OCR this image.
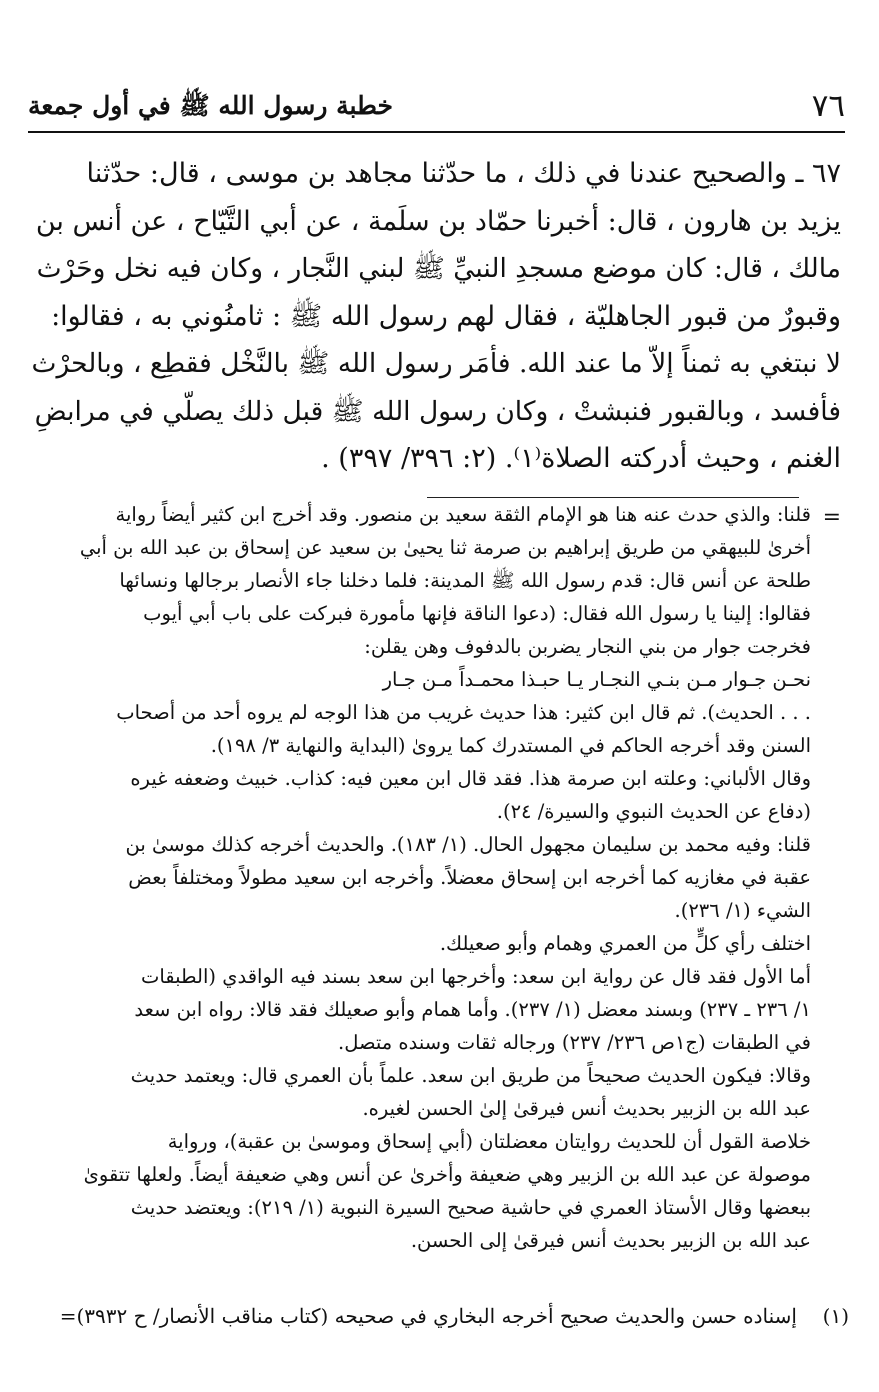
٧٦
خطبة رسول الله ﷺ في أول جمعة
٦٧ ـ والصحيح عندنا في ذلك ، ما حدّثنا مجاهد بن موسى ، قال: حدّثنا
يزيد بن هارون ، قال: أخبرنا حمّاد بن سلَمة ، عن أبي التَّيّاح ، عن أنس بن
مالك ، قال: كان موضع مسجدِ النبيِّ ﷺ لبني النَّجار ، وكان فيه نخل وحَرْث
وقبورٌ من قبور الجاهليّة ، فقال لهم رسول الله ﷺ : ثامنُوني به ، فقالوا:
لا نبتغي به ثمناً إلاّ ما عند الله. فأمَر رسول الله ﷺ بالنَّخْل فقطِع ، وبالحرْث
فأفسد ، وبالقبور فنبشتْ ، وكان رسول الله ﷺ قبل ذلك يصلّي في مرابضِ
الغنم ، وحيث أدركته الصلاة⁽١⁾. (٢: ٣٩٦/ ٣٩٧) .
=
قلنا: والذي حدث عنه هنا هو الإمام الثقة سعيد بن منصور. وقد أخرج ابن كثير أيضاً رواية
أخرىٰ للبيهقي من طريق إبراهيم بن صرمة ثنا يحيىٰ بن سعيد عن إسحاق بن عبد الله بن أبي
طلحة عن أنس قال: قدم رسول الله ﷺ المدينة: فلما دخلنا جاء الأنصار برجالها ونسائها
فقالوا: إلينا يا رسول الله فقال: (دعوا الناقة فإنها مأمورة فبركت على باب أبي أيوب
فخرجت جوار من بني النجار يضربن بالدفوف وهن يقلن:
نحـن جـوار مـن بنـي النجـار يـا حبـذا محمـداً مـن جـار
. . . الحديث). ثم قال ابن كثير: هذا حديث غريب من هذا الوجه لم يروه أحد من أصحاب
السنن وقد أخرجه الحاكم في المستدرك كما يروىٰ (البداية والنهاية ٣/ ١٩٨).
وقال الألباني: وعلته ابن صرمة هذا. فقد قال ابن معين فيه: كذاب. خبيث وضعفه غيره
(دفاع عن الحديث النبوي والسيرة/ ٢٤).
قلنا: وفيه محمد بن سليمان مجهول الحال. (١/ ١٨٣). والحديث أخرجه كذلك موسىٰ بن
عقبة في مغازيه كما أخرجه ابن إسحاق معضلاً. وأخرجه ابن سعيد مطولاً ومختلفاً بعض
الشيء (١/ ٢٣٦).
اختلف رأي كلٍّ من العمري وهمام وأبو صعيلك.
أما الأول فقد قال عن رواية ابن سعد: وأخرجها ابن سعد بسند فيه الواقدي (الطبقات
١/ ٢٣٦ ـ ٢٣٧) وبسند معضل (١/ ٢٣٧). وأما همام وأبو صعيلك فقد قالا: رواه ابن سعد
في الطبقات (ج١ص ٢٣٦/ ٢٣٧) ورجاله ثقات وسنده متصل.
وقالا: فيكون الحديث صحيحاً من طريق ابن سعد. علماً بأن العمري قال: ويعتمد حديث
عبد الله بن الزبير بحديث أنس فيرقىٰ إلىٰ الحسن لغيره.
خلاصة القول أن للحديث روايتان معضلتان (أبي إسحاق وموسىٰ بن عقبة)، ورواية
موصولة عن عبد الله بن الزبير وهي ضعيفة وأخرىٰ عن أنس وهي ضعيفة أيضاً. ولعلها تتقوىٰ
ببعضها وقال الأستاذ العمري في حاشية صحيح السيرة النبوية (١/ ٢١٩): ويعتضد حديث
عبد الله بن الزبير بحديث أنس فيرقىٰ إلى الحسن.
(١)
إسناده حسن والحديث صحيح أخرجه البخاري في صحيحه (كتاب مناقب الأنصار/ ح ٣٩٣٢)=
